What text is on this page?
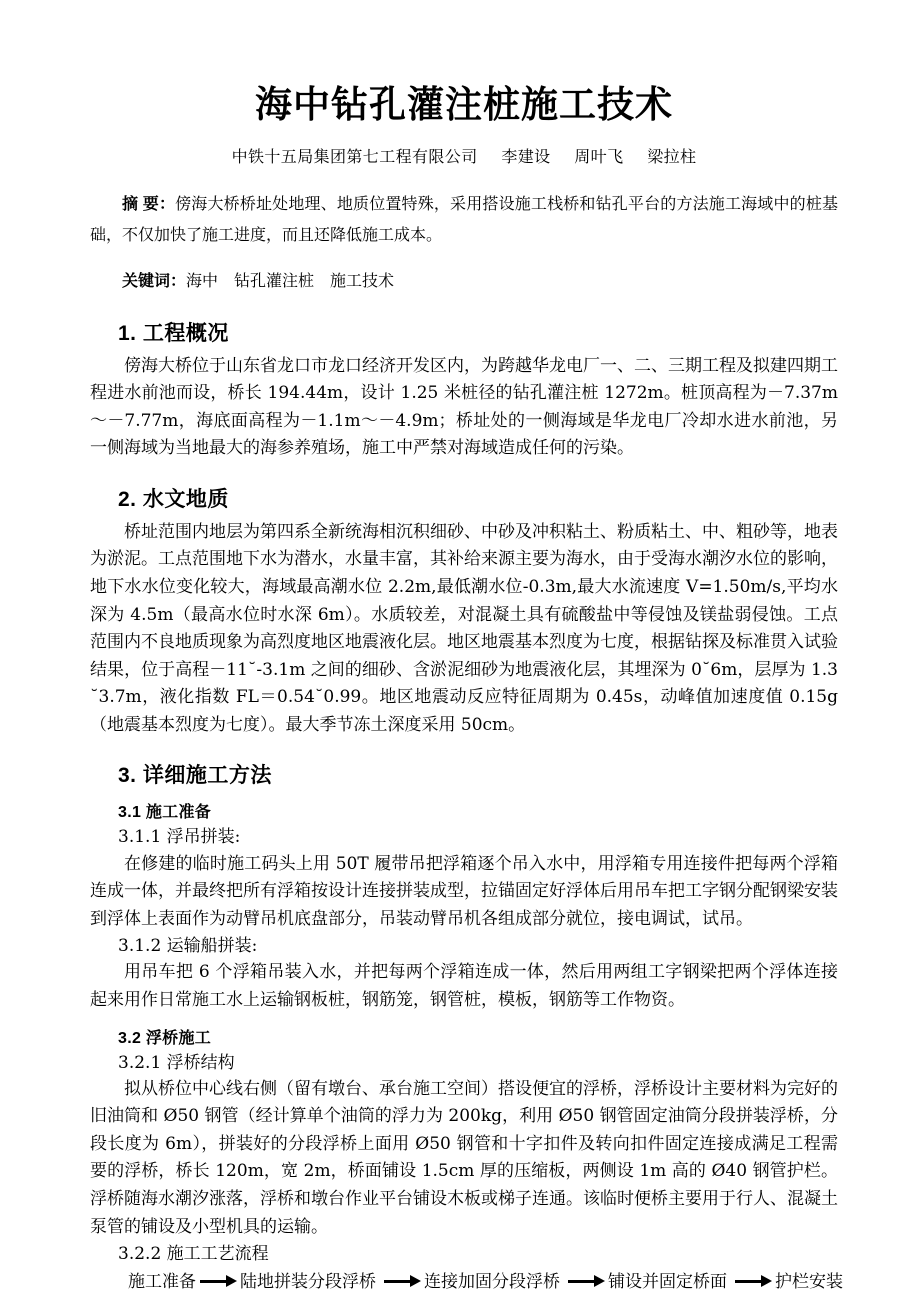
海中钻孔灌注桩施工技术
中铁十五局集团第七工程有限公司 李建设 周叶飞 梁拉柱

摘 要：傍海大桥桥址处地理、地质位置特殊，采用搭设施工栈桥和钻孔平台的方法施工海域中的桩基础，不仅加快了施工进度，而且还降低施工成本。

关键词：海中 钻孔灌注桩 施工技术

1. 工程概况

傍海大桥位于山东省龙口市龙口经济开发区内，为跨越华龙电厂一、二、三期工程及拟建四期工程进水前池而设，桥长 194.44m，设计 1.25 米桩径的钻孔灌注桩 1272m。桩顶高程为－7.37m～－7.77m，海底面高程为－1.1m～－4.9m；桥址处的一侧海域是华龙电厂冷却水进水前池，另一侧海域为当地最大的海参养殖场，施工中严禁对海域造成任何的污染。

2. 水文地质

桥址范围内地层为第四系全新统海相沉积细砂、中砂及冲积粘土、粉质粘土、中、粗砂等，地表为淤泥。工点范围地下水为潜水，水量丰富，其补给来源主要为海水，由于受海水潮汐水位的影响，地下水水位变化较大，海域最高潮水位 2.2m,最低潮水位-0.3m,最大水流速度 V=1.50m/s,平均水深为 4.5m（最高水位时水深 6m）。水质较差，对混凝土具有硫酸盐中等侵蚀及镁盐弱侵蚀。工点范围内不良地质现象为高烈度地区地震液化层。地区地震基本烈度为七度，根据钻探及标准贯入试验结果，位于高程－11˘-3.1m 之间的细砂、含淤泥细砂为地震液化层，其埋深为 0˘6m，层厚为 1.3˘3.7m，液化指数 FL＝0.54˘0.99。地区地震动反应特征周期为 0.45s，动峰值加速度值 0.15g（地震基本烈度为七度）。最大季节冻土深度采用 50cm。

3. 详细施工方法
3.1 施工准备

3.1.1 浮吊拼装:

在修建的临时施工码头上用 50T 履带吊把浮箱逐个吊入水中，用浮箱专用连接件把每两个浮箱连成一体，并最终把所有浮箱按设计连接拼装成型，拉锚固定好浮体后用吊车把工字钢分配钢梁安装到浮体上表面作为动臂吊机底盘部分，吊装动臂吊机各组成部分就位，接电调试，试吊。

3.1.2 运输船拼装:

用吊车把 6 个浮箱吊装入水，并把每两个浮箱连成一体，然后用两组工字钢梁把两个浮体连接起来用作日常施工水上运输钢板桩，钢筋笼，钢管桩，模板，钢筋等工作物资。

3.2 浮桥施工

3.2.1 浮桥结构

拟从桥位中心线右侧（留有墩台、承台施工空间）搭设便宜的浮桥，浮桥设计主要材料为完好的旧油筒和 Ø50 钢管（经计算单个油筒的浮力为 200kg，利用 Ø50 钢管固定油筒分段拼装浮桥，分段长度为 6m），拼装好的分段浮桥上面用 Ø50 钢管和十字扣件及转向扣件固定连接成满足工程需要的浮桥，桥长 120m，宽 2m，桥面铺设 1.5cm 厚的压缩板，两侧设 1m 高的 Ø40 钢管护栏。浮桥随海水潮汐涨落，浮桥和墩台作业平台铺设木板或梯子连通。该临时便桥主要用于行人、混凝土泵管的铺设及小型机具的运输。

3.2.2 施工工艺流程

施工准备	陆地拼装分段浮桥	连接加固分段浮桥	铺设并固定桥面	护栏安装
